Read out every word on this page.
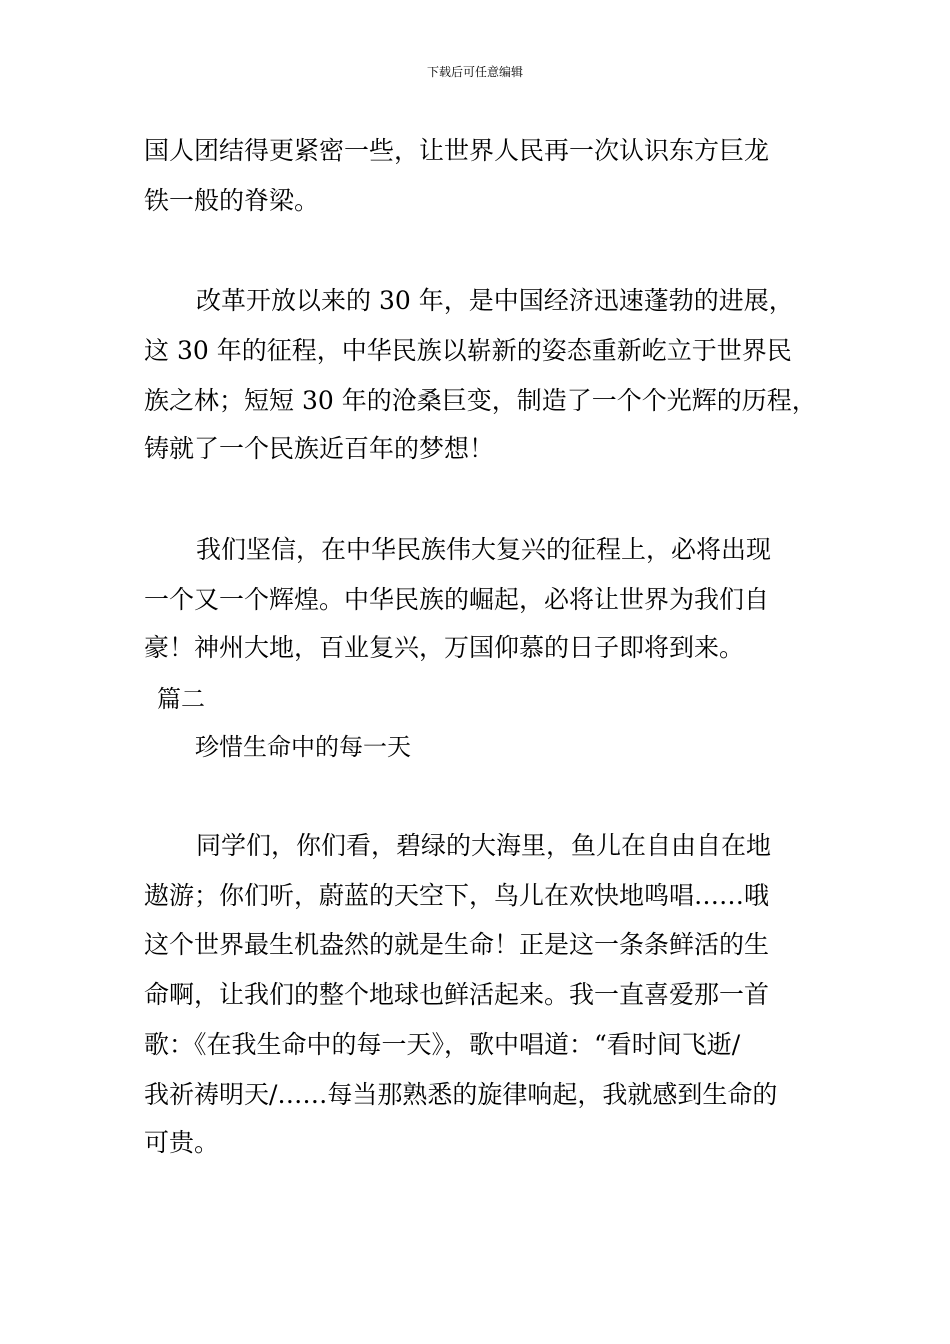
下载后可任意编辑
国人团结得更紧密一些，让世界人民再一次认识东方巨龙
铁一般的脊梁。
改革开放以来的 30 年，是中国经济迅速蓬勃的进展，
这 30 年的征程，中华民族以崭新的姿态重新屹立于世界民
族之林；短短 30 年的沧桑巨变，制造了一个个光辉的历程，
铸就了一个民族近百年的梦想！
我们坚信，在中华民族伟大复兴的征程上，必将出现
一个又一个辉煌。中华民族的崛起，必将让世界为我们自
豪！神州大地，百业复兴，万国仰慕的日子即将到来。
篇二
珍惜生命中的每一天
同学们，你们看，碧绿的大海里，鱼儿在自由自在地
遨游；你们听，蔚蓝的天空下，鸟儿在欢快地鸣唱……哦
这个世界最生机盎然的就是生命！正是这一条条鲜活的生
命啊，让我们的整个地球也鲜活起来。我一直喜爱那一首
歌：《在我生命中的每一天》，歌中唱道：“看时间飞逝/
我祈祷明天/……每当那熟悉的旋律响起，我就感到生命的
可贵。
